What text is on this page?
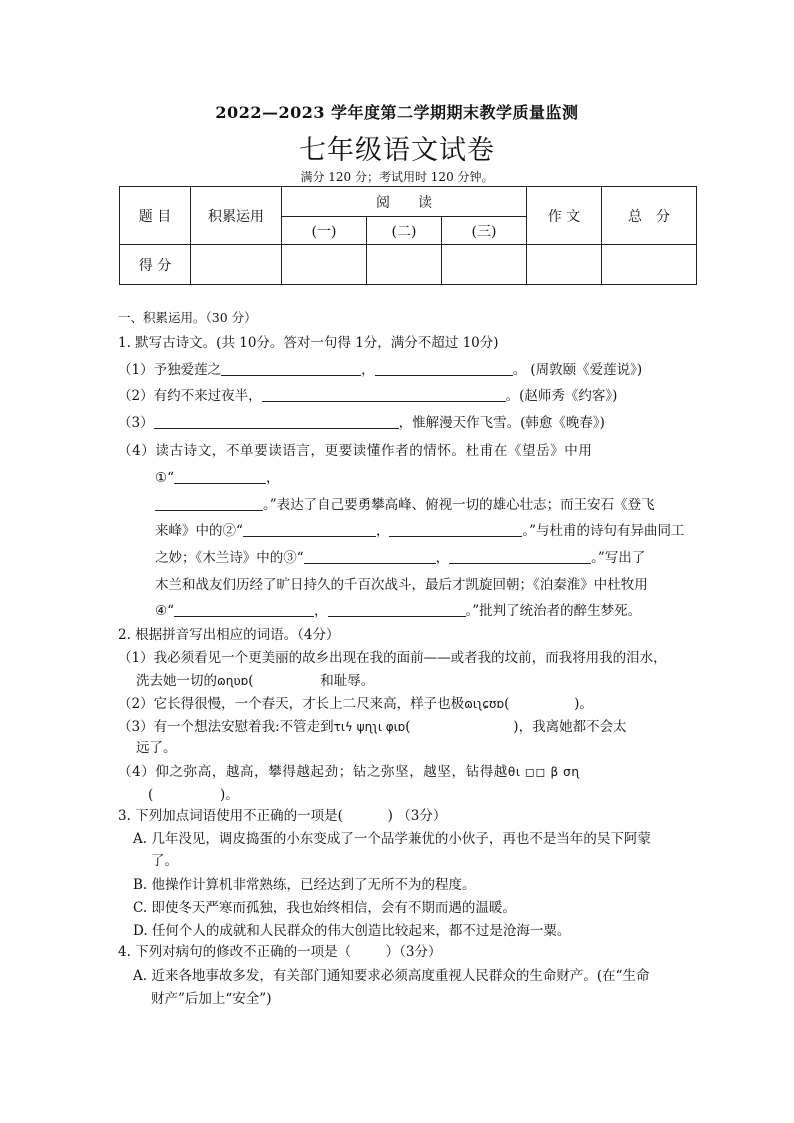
2022—2023 学年度第二学期期末教学质量监测
七年级语文试卷
满分 120 分；考试用时 120 分钟。
题 目	积累运用	阅　　读			作 文	总　分
		(一)	(二)	(三)		
得 分						
一、积累运用。（30 分）
1. 默写古诗文。(共 10分。答对一句得 1分，满分不超过 10分)
（1）予独爱莲之	，	。 (周敦颐《爱莲说》)
（2）有约不来过夜半，	。(赵师秀《约客》)
（3）	，惟解漫天作飞雪。(韩愈《晚春》)
（4）读古诗文，不单要读语言，更要读懂作者的情怀。杜甫在《望岳》中用
①“	，
。”表达了自己要勇攀高峰、俯视一切的雄心壮志；而王安石《登飞
来峰》中的②“	，	。”与杜甫的诗句有异曲同工
之妙；《木兰诗》中的③“	，	。”写出了
木兰和战友们历经了旷日持久的千百次战斗，最后才凯旋回朝；《泊秦淮》中杜牧用
④“	，	。”批判了统治者的醉生梦死。
2. 根据拼音写出相应的词语。（4分）
（1）我必须看见一个更美丽的故乡出现在我的面前——或者我的坟前，而我将用我的泪水，
洗去她一切的ɷɳʋɒ(	和耻辱。
（2）它长得很慢，一个春天，才长上二尺来高，样子也极ɷɩʅɕʊɒ(	)。
（3）有一个想法安慰着我:不管走到τɩϟ ψɳʅɩ φɩɒ(	)，我离她都不会太
远了。
（4）仰之弥高，越高，攀得越起劲；钻之弥坚，越坚，钻得越θɩ ◻◻ β σɳ
(	)。
3. 下列加点词语使用不正确的一项是(	) （3分）
A. 几年没见，调皮捣蛋的小东变成了一个品学兼优的小伙子，再也不是当年的吴下阿蒙
了。
B. 他操作计算机非常熟练，已经达到了无所不为的程度。
C. 即使冬天严寒而孤独，我也始终相信，会有不期而遇的温暖。
D. 任何个人的成就和人民群众的伟大创造比较起来，都不过是沧海一粟。
4. 下列对病句的修改不正确的一项是（	）（3分）
A. 近来各地事故多发，有关部门通知要求必须高度重视人民群众的生命财产。(在“生命
财产”后加上“安全”)
